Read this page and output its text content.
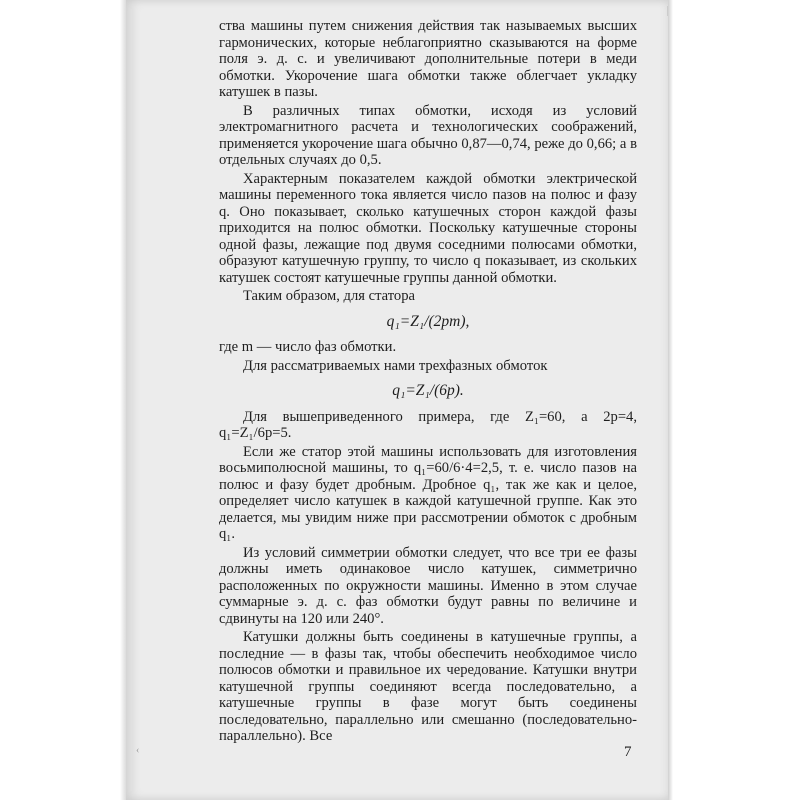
ства машины путем снижения действия так называемых высших гармонических, которые неблагоприятно сказываются на форме поля э. д. с. и увеличивают дополнительные потери в меди обмотки. Укорочение шага обмотки также облегчает укладку катушек в пазы.

В различных типах обмотки, исходя из условий электромагнитного расчета и технологических соображений, применяется укорочение шага обычно 0,87—0,74, реже до 0,66; а в отдельных случаях до 0,5.

Характерным показателем каждой обмотки электрической машины переменного тока является число пазов на полюс и фазу q. Оно показывает, сколько катушечных сторон каждой фазы приходится на полюс обмотки. Поскольку катушечные стороны одной фазы, лежащие под двумя соседними полюсами обмотки, образуют катушечную группу, то число q показывает, из скольких катушек состоят катушечные группы данной обмотки.

Таким образом, для статора

q₁=Z₁/(2pm),

где m — число фаз обмотки.

Для рассматриваемых нами трехфазных обмоток

q₁=Z₁/(6p).

Для вышеприведенного примера, где Z₁=60, а 2p=4, q₁=Z₁/6p=5.

Если же статор этой машины использовать для изготовления восьмиполюсной машины, то q₁=60/6·4=2,5, т. е. число пазов на полюс и фазу будет дробным. Дробное q₁, так же как и целое, определяет число катушек в каждой катушечной группе. Как это делается, мы увидим ниже при рассмотрении обмоток с дробным q₁.

Из условий симметрии обмотки следует, что все три ее фазы должны иметь одинаковое число катушек, симметрично расположенных по окружности машины. Именно в этом случае суммарные э. д. с. фаз обмотки будут равны по величине и сдвинуты на 120 или 240°.

Катушки должны быть соединены в катушечные группы, а последние — в фазы так, чтобы обеспечить необходимое число полюсов обмотки и правильное их чередование. Катушки внутри катушечной группы соединяют всегда последовательно, а катушечные группы в фазе могут быть соединены последовательно, параллельно или смешанно (последовательно-параллельно). Все

7
‹
